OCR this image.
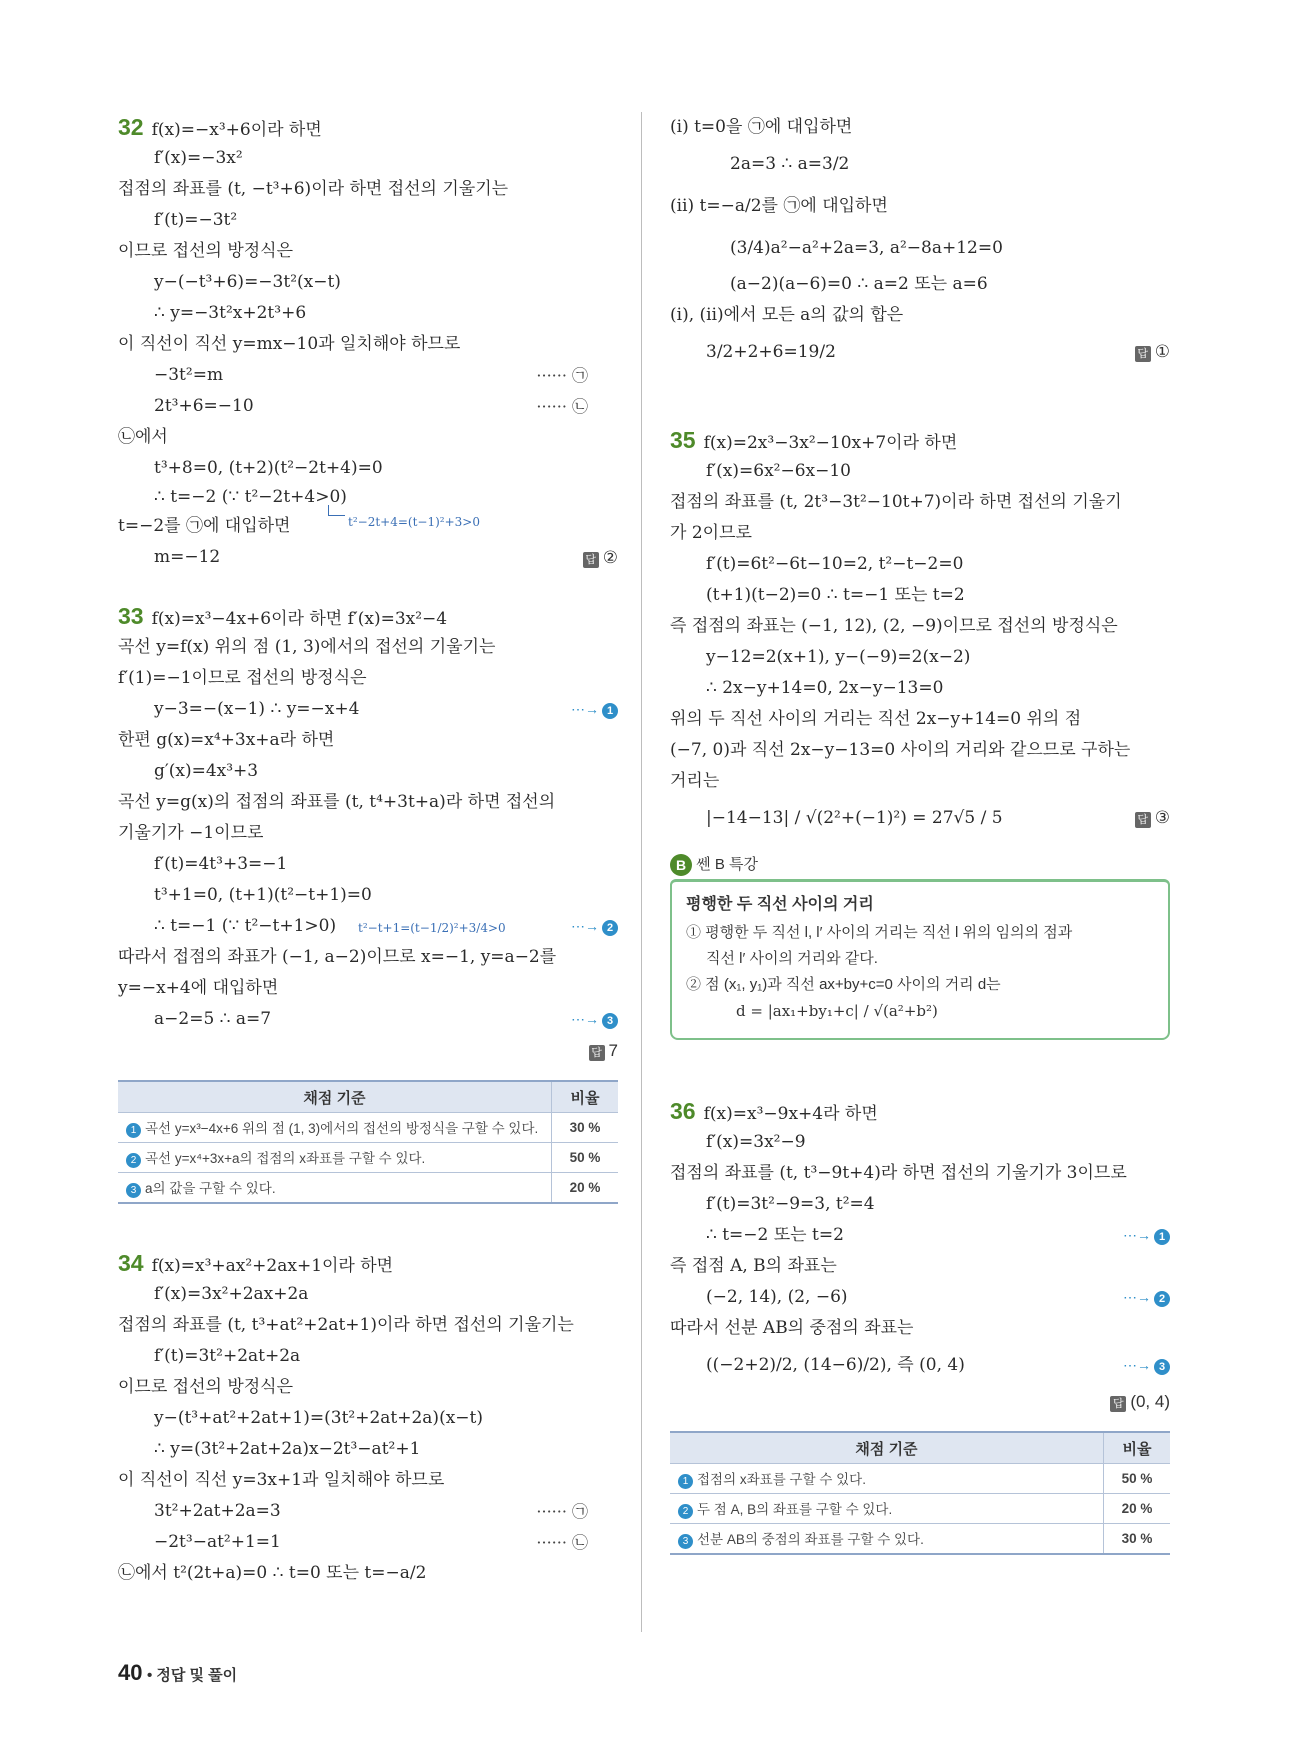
32 f(x)=−x³+6이라 하면
f′(x)=−3x²
접점의 좌표를 (t, −t³+6)이라 하면 접선의 기울기는
f′(t)=−3t²
이므로 접선의 방정식은
y−(−t³+6)=−3t²(x−t)
∴ y=−3t²x+2t³+6
이 직선이 직선 y=mx−10과 일치해야 하므로
−3t²=m	······ ㉠
2t³+6=−10	······ ㉡
㉡에서
t³+8=0, (t+2)(t²−2t+4)=0
∴ t=−2 (∵ t²−2t+4>0)
t=−2를 ㉠에 대입하면	t²−2t+4=(t−1)²+3>0
m=−12	답 ②
33 f(x)=x³−4x+6이라 하면 f′(x)=3x²−4
곡선 y=f(x) 위의 점 (1, 3)에서의 접선의 기울기는
f′(1)=−1이므로 접선의 방정식은
y−3=−(x−1) ∴ y=−x+4	⋯→ 1
한편 g(x)=x⁴+3x+a라 하면
g′(x)=4x³+3
곡선 y=g(x)의 접점의 좌표를 (t, t⁴+3t+a)라 하면 접선의
기울기가 −1이므로
f′(t)=4t³+3=−1
t³+1=0, (t+1)(t²−t+1)=0
∴ t=−1 (∵ t²−t+1>0) t²−t+1=(t−1/2)²+3/4>0	⋯→ 2
따라서 접점의 좌표가 (−1, a−2)이므로 x=−1, y=a−2를
y=−x+4에 대입하면
a−2=5 ∴ a=7	⋯→ 3
답 7
채점 기준	비율
1 곡선 y=x³−4x+6 위의 점 (1, 3)에서의 접선의 방정식을 구할 수 있다.	30 %
2 곡선 y=x⁴+3x+a의 접점의 x좌표를 구할 수 있다.	50 %
3 a의 값을 구할 수 있다.	20 %
34 f(x)=x³+ax²+2ax+1이라 하면
f′(x)=3x²+2ax+2a
접점의 좌표를 (t, t³+at²+2at+1)이라 하면 접선의 기울기는
f′(t)=3t²+2at+2a
이므로 접선의 방정식은
y−(t³+at²+2at+1)=(3t²+2at+2a)(x−t)
∴ y=(3t²+2at+2a)x−2t³−at²+1
이 직선이 직선 y=3x+1과 일치해야 하므로
3t²+2at+2a=3	······ ㉠
−2t³−at²+1=1	······ ㉡
㉡에서 t²(2t+a)=0 ∴ t=0 또는 t=−a/2
(ⅰ) t=0을 ㉠에 대입하면
2a=3 ∴ a=3/2
(ⅱ) t=−a/2를 ㉠에 대입하면
(3/4)a²−a²+2a=3, a²−8a+12=0
(a−2)(a−6)=0 ∴ a=2 또는 a=6
(ⅰ), (ⅱ)에서 모든 a의 값의 합은
3/2+2+6=19/2	답 ①
35 f(x)=2x³−3x²−10x+7이라 하면
f′(x)=6x²−6x−10
접점의 좌표를 (t, 2t³−3t²−10t+7)이라 하면 접선의 기울기
가 2이므로
f′(t)=6t²−6t−10=2, t²−t−2=0
(t+1)(t−2)=0 ∴ t=−1 또는 t=2
즉 접점의 좌표는 (−1, 12), (2, −9)이므로 접선의 방정식은
y−12=2(x+1), y−(−9)=2(x−2)
∴ 2x−y+14=0, 2x−y−13=0
위의 두 직선 사이의 거리는 직선 2x−y+14=0 위의 점
(−7, 0)과 직선 2x−y−13=0 사이의 거리와 같으므로 구하는
거리는
|−14−13| / √(2²+(−1)²) = 27√5 / 5	답 ③
B 쎈 B 특강
평행한 두 직선 사이의 거리
① 평행한 두 직선 l, l′ 사이의 거리는 직선 l 위의 임의의 점과
직선 l′ 사이의 거리와 같다.
② 점 (x₁, y₁)과 직선 ax+by+c=0 사이의 거리 d는
d = |ax₁+by₁+c| / √(a²+b²)
36 f(x)=x³−9x+4라 하면
f′(x)=3x²−9
접점의 좌표를 (t, t³−9t+4)라 하면 접선의 기울기가 3이므로
f′(t)=3t²−9=3, t²=4
∴ t=−2 또는 t=2	⋯→ 1
즉 접점 A, B의 좌표는
(−2, 14), (2, −6)	⋯→ 2
따라서 선분 AB의 중점의 좌표는
((−2+2)/2, (14−6)/2), 즉 (0, 4)	⋯→ 3
답 (0, 4)
채점 기준	비율
1 접점의 x좌표를 구할 수 있다.	50 %
2 두 점 A, B의 좌표를 구할 수 있다.	20 %
3 선분 AB의 중점의 좌표를 구할 수 있다.	30 %
40 • 정답 및 풀이
